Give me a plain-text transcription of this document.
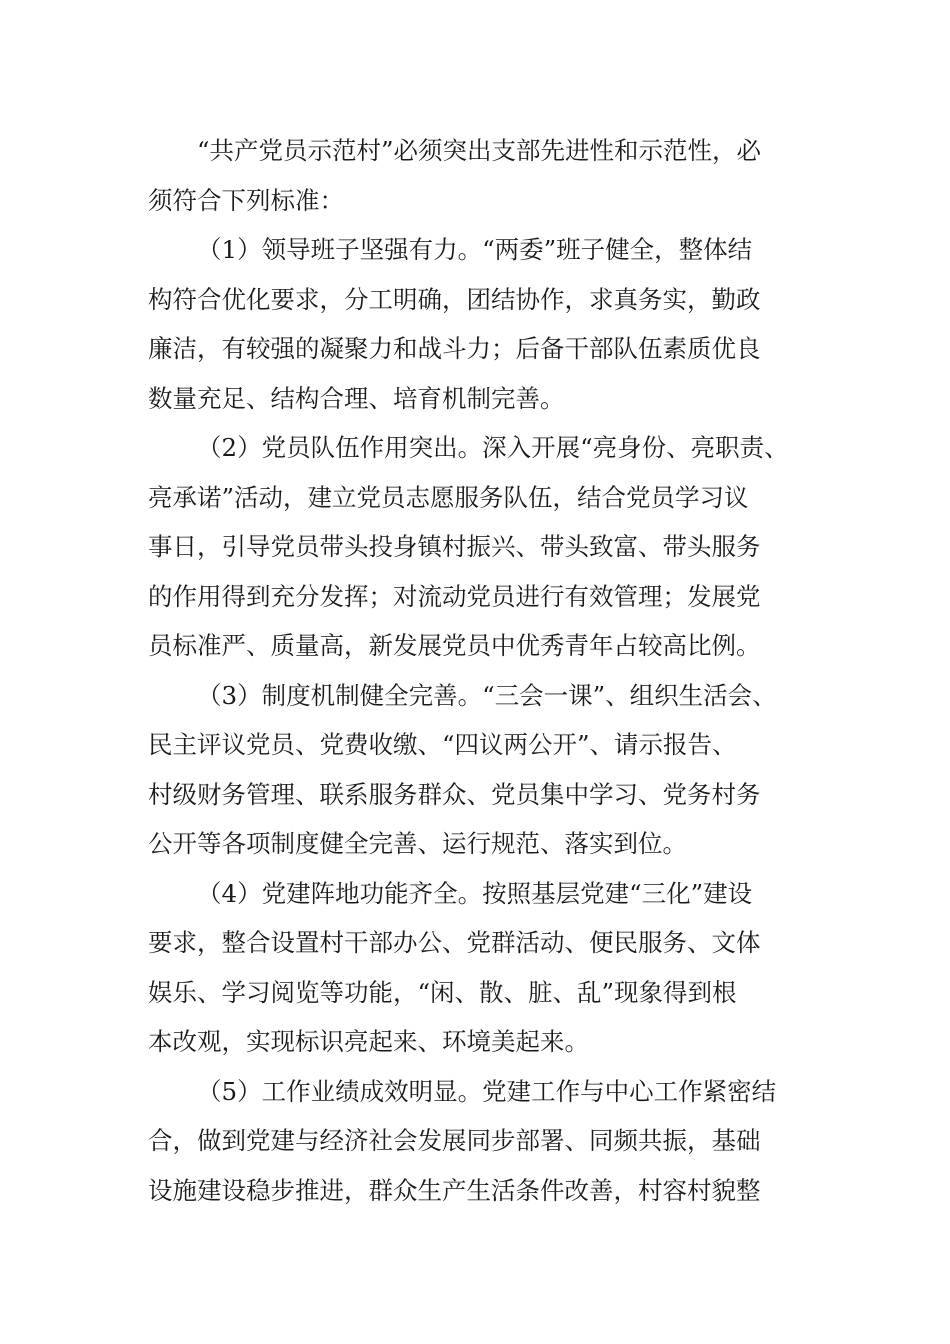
“共产党员示范村”必须突出支部先进性和示范性，必
须符合下列标准：
（1）领导班子坚强有力。“两委”班子健全，整体结
构符合优化要求，分工明确，团结协作，求真务实，勤政
廉洁，有较强的凝聚力和战斗力；后备干部队伍素质优良
数量充足、结构合理、培育机制完善。
（2）党员队伍作用突出。深入开展“亮身份、亮职责、
亮承诺”活动，建立党员志愿服务队伍，结合党员学习议
事日，引导党员带头投身镇村振兴、带头致富、带头服务
的作用得到充分发挥；对流动党员进行有效管理；发展党
员标准严、质量高，新发展党员中优秀青年占较高比例。
（3）制度机制健全完善。“三会一课”、组织生活会、
民主评议党员、党费收缴、“四议两公开”、请示报告、
村级财务管理、联系服务群众、党员集中学习、党务村务
公开等各项制度健全完善、运行规范、落实到位。
（4）党建阵地功能齐全。按照基层党建“三化”建设
要求，整合设置村干部办公、党群活动、便民服务、文体
娱乐、学习阅览等功能，“闲、散、脏、乱”现象得到根
本改观，实现标识亮起来、环境美起来。
（5）工作业绩成效明显。党建工作与中心工作紧密结
合，做到党建与经济社会发展同步部署、同频共振，基础
设施建设稳步推进，群众生产生活条件改善，村容村貌整
